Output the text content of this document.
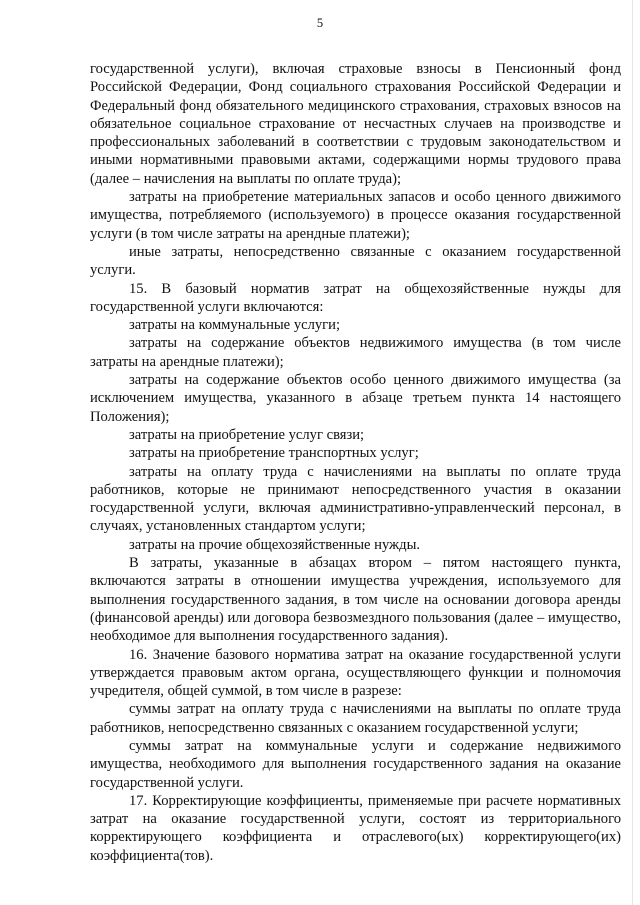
5

государственной услуги), включая страховые взносы в Пенсионный фонд Российской Федерации, Фонд социального страхования Российской Федерации и Федеральный фонд обязательного медицинского страхования, страховых взносов на обязательное социальное страхование от несчастных случаев на производстве и профессиональных заболеваний в соответствии с трудовым законодательством и иными нормативными правовыми актами, содержащими нормы трудового права (далее – начисления на выплаты по оплате труда);

затраты на приобретение материальных запасов и особо ценного движимого имущества, потребляемого (используемого) в процессе оказания государственной услуги (в том числе затраты на арендные платежи);

иные затраты, непосредственно связанные с оказанием государственной услуги.

15. В базовый норматив затрат на общехозяйственные нужды для государственной услуги включаются:

затраты на коммунальные услуги;

затраты на содержание объектов недвижимого имущества (в том числе затраты на арендные платежи);

затраты на содержание объектов особо ценного движимого имущества (за исключением имущества, указанного в абзаце третьем пункта 14 настоящего Положения);

затраты на приобретение услуг связи;

затраты на приобретение транспортных услуг;

затраты на оплату труда с начислениями на выплаты по оплате труда работников, которые не принимают непосредственного участия в оказании государственной услуги, включая административно-управленческий персонал, в случаях, установленных стандартом услуги;

затраты на прочие общехозяйственные нужды.

В затраты, указанные в абзацах втором – пятом настоящего пункта, включаются затраты в отношении имущества учреждения, используемого для выполнения государственного задания, в том числе на основании договора аренды (финансовой аренды) или договора безвозмездного пользования (далее – имущество, необходимое для выполнения государственного задания).

16. Значение базового норматива затрат на оказание государственной услуги утверждается правовым актом органа, осуществляющего функции и полномочия учредителя, общей суммой, в том числе в разрезе:

суммы затрат на оплату труда с начислениями на выплаты по оплате труда работников, непосредственно связанных с оказанием государственной услуги;

суммы затрат на коммунальные услуги и содержание недвижимого имущества, необходимого для выполнения государственного задания на оказание государственной услуги.

17. Корректирующие коэффициенты, применяемые при расчете нормативных затрат на оказание государственной услуги, состоят из территориального корректирующего коэффициента и отраслевого(ых) корректирующего(их) коэффициента(тов).
